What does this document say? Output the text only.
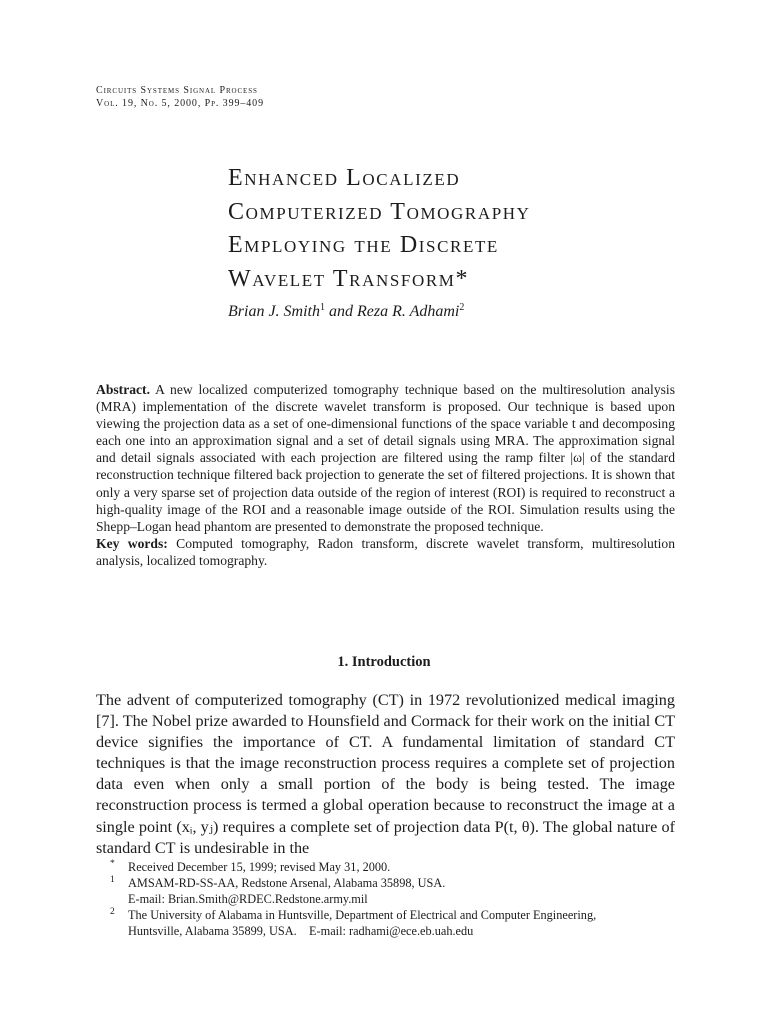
Circuits Systems Signal Process
Vol. 19, No. 5, 2000, Pp. 399–409
Enhanced Localized
Computerized Tomography
Employing the Discrete
Wavelet Transform*
Brian J. Smith$^1$ and Reza R. Adhami$^2$

Abstract. A new localized computerized tomography technique based on the multiresolution analysis (MRA) implementation of the discrete wavelet transform is proposed. Our technique is based upon viewing the projection data as a set of one-dimensional functions of the space variable t and decomposing each one into an approximation signal and a set of detail signals using MRA. The approximation signal and detail signals associated with each projection are filtered using the ramp filter |ω| of the standard reconstruction technique filtered back projection to generate the set of filtered projections. It is shown that only a very sparse set of projection data outside of the region of interest (ROI) is required to reconstruct a high-quality image of the ROI and a reasonable image outside of the ROI. Simulation results using the Shepp–Logan head phantom are presented to demonstrate the proposed technique.

Key words: Computed tomography, Radon transform, discrete wavelet transform, multiresolution analysis, localized tomography.

1. Introduction

The advent of computerized tomography (CT) in 1972 revolutionized medical imaging [7]. The Nobel prize awarded to Hounsfield and Cormack for their work on the initial CT device signifies the importance of CT. A fundamental limitation of standard CT techniques is that the image reconstruction process requires a complete set of projection data even when only a small portion of the body is being tested. The image reconstruction process is termed a global operation because to reconstruct the image at a single point (xᵢ, yⱼ) requires a complete set of projection data P(t, θ). The global nature of standard CT is undesirable in the

* Received December 15, 1999; revised May 31, 2000.
1 AMSAM-RD-SS-AA, Redstone Arsenal, Alabama 35898, USA.
E-mail: Brian.Smith@RDEC.Redstone.army.mil
2 The University of Alabama in Huntsville, Department of Electrical and Computer Engineering,
Huntsville, Alabama 35899, USA.    E-mail: radhami@ece.eb.uah.edu
